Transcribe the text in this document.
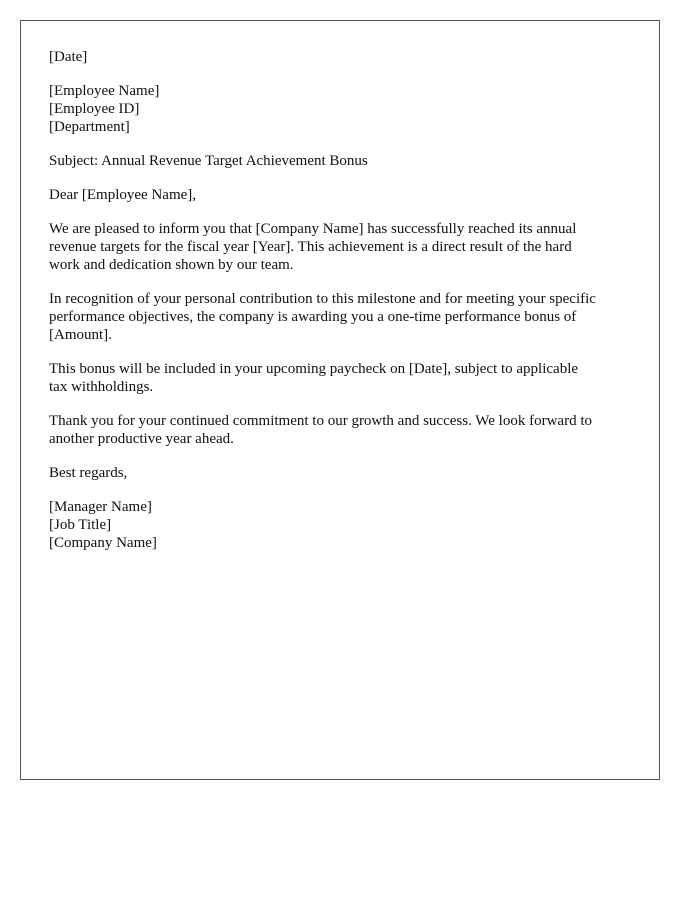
[Date]
[Employee Name]
[Employee ID]
[Department]
Subject: Annual Revenue Target Achievement Bonus
Dear [Employee Name],

We are pleased to inform you that [Company Name] has successfully reached its annual
revenue targets for the fiscal year [Year]. This achievement is a direct result of the hard
work and dedication shown by our team.

In recognition of your personal contribution to this milestone and for meeting your specific
performance objectives, the company is awarding you a one-time performance bonus of
[Amount].

This bonus will be included in your upcoming paycheck on [Date], subject to applicable
tax withholdings.

Thank you for your continued commitment to our growth and success. We look forward to
another productive year ahead.

Best regards,
[Manager Name]
[Job Title]
[Company Name]
